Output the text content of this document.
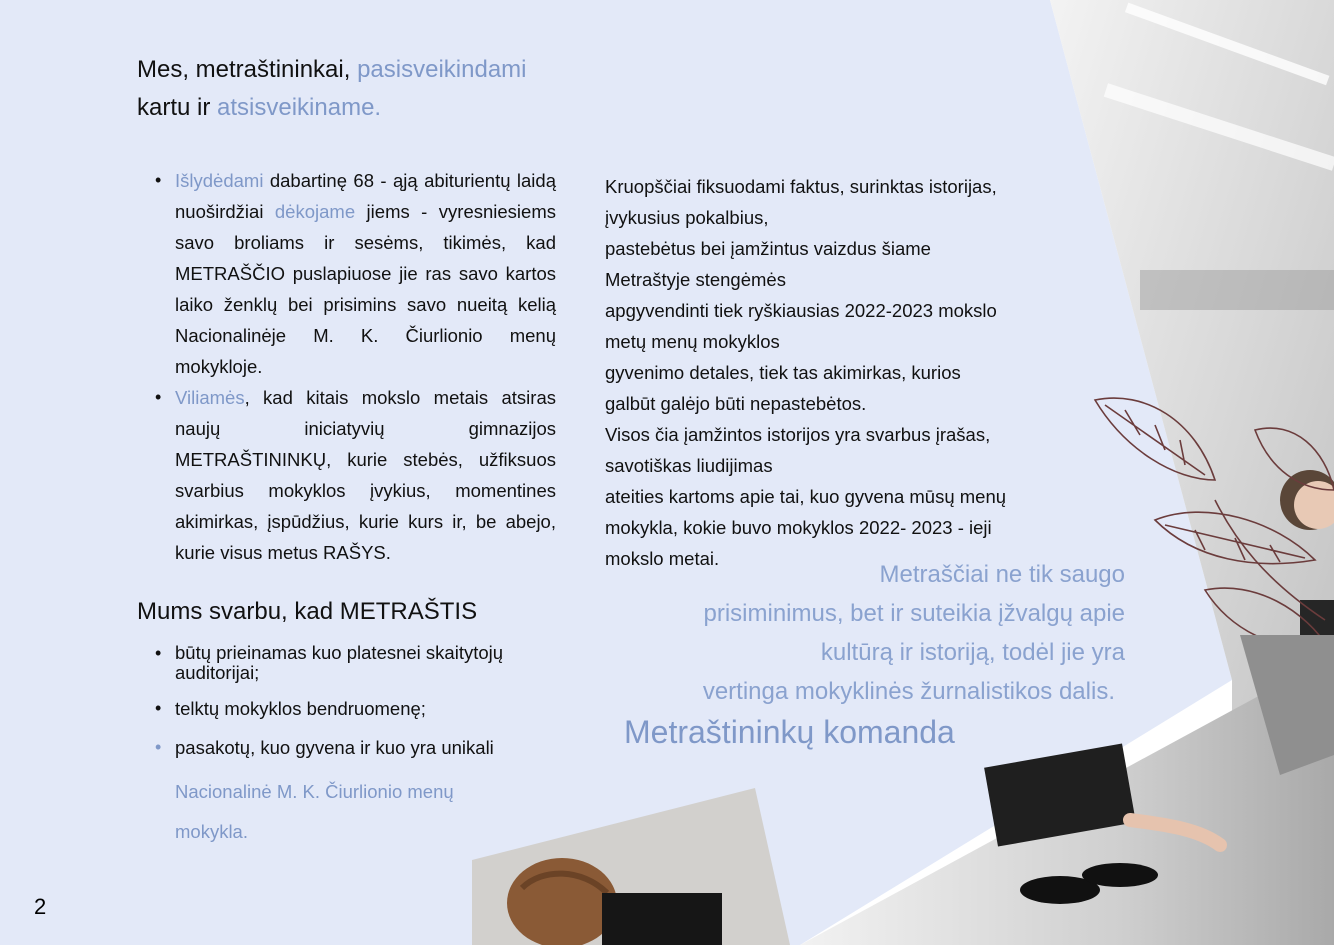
Mes, metraštininkai, pasisveikindami
kartu ir atsisveikiname.
• Išlydėdami dabartinę 68 - ąją abiturientų laidą nuoširdžiai dėkojame jiems - vyresniesiems savo broliams ir sesėms, tikimės, kad METRAŠČIO puslapiuose jie ras savo kartos laiko ženklų bei prisimins savo nueitą kelią Nacionalinėje M. K. Čiurlionio menų mokykloje.
• Viliamės, kad kitais mokslo metais atsiras naujų iniciatyvių gimnazijos METRAŠTININKŲ, kurie stebės, užfiksuos svarbius mokyklos įvykius, momentines akimirkas, įspūdžius, kurie kurs ir, be abejo, kurie visus metus RAŠYS.
Mums svarbu, kad METRAŠTIS
• būtų prieinamas kuo platesnei skaitytojų auditorijai;
• telktų mokyklos bendruomenę;
• pasakotų, kuo gyvena ir kuo yra unikali
Nacionalinė M. K. Čiurlionio menų
mokykla.
Kruopščiai fiksuodami faktus, surinktas istorijas,
įvykusius pokalbius,
pastebėtus bei įamžintus vaizdus šiame
Metraštyje stengėmės
apgyvendinti tiek ryškiausias 2022-2023 mokslo
metų menų mokyklos
gyvenimo detales, tiek tas akimirkas, kurios
galbūt galėjo būti nepastebėtos.
Visos čia įamžintos istorijos yra svarbus įrašas,
savotiškas liudijimas
ateities kartoms apie tai, kuo gyvena mūsų menų
mokykla, kokie buvo mokyklos 2022- 2023 - ieji
mokslo metai.
Metraščiai ne tik saugo
prisiminimus, bet ir suteikia įžvalgų apie
kultūrą ir istoriją, todėl jie yra
vertinga mokyklinės žurnalistikos dalis.
Metraštininkų komanda
2
